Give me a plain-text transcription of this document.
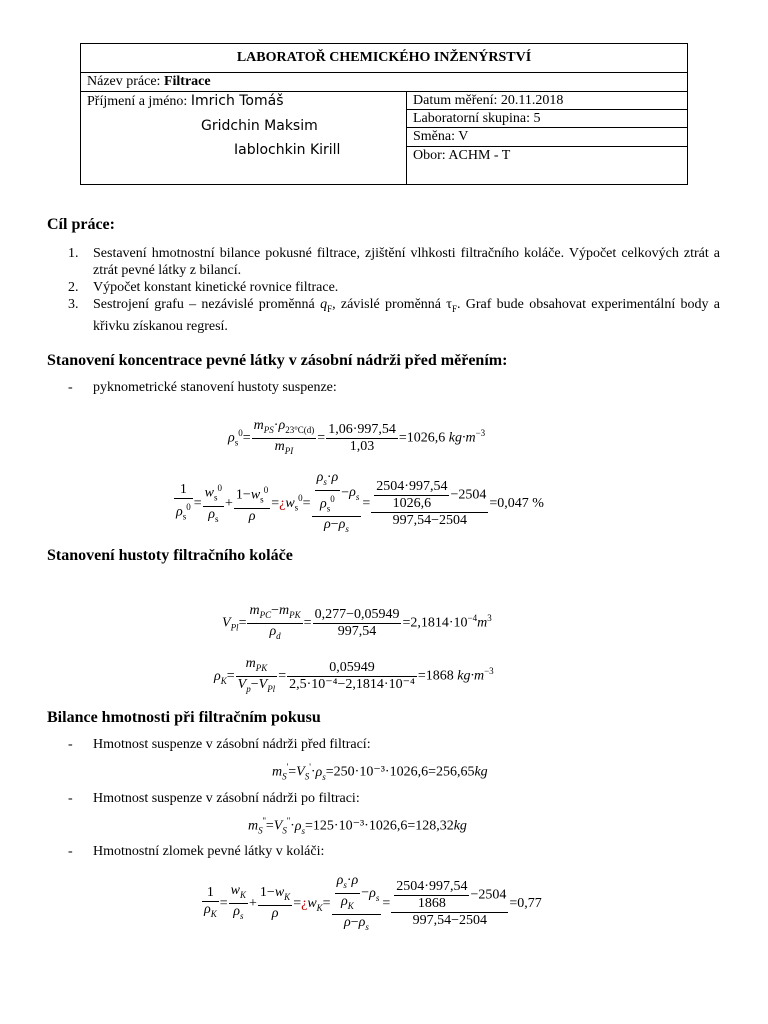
LABORATOŘ CHEMICKÉHO INŽENÝRSTVÍ
Název práce: Filtrace

Příjmení a jméno: Imrich Tomáš
Gridchin Maksim
Iablochkin Kirill
	Datum měření: 20.11.2018
Laboratorní skupina: 5
Směna: V
Obor: ACHM - T
Cíl práce:
1. Sestavení hmotnostní bilance pokusné filtrace, zjištění vlhkosti filtračního koláče. Výpočet celkových ztrát a ztrát pevné látky z bilancí.
2. Výpočet konstant kinetické rovnice filtrace.
3. Sestrojení grafu – nezávislé proměnná $q_F$, závislé proměnná $\tau_F$. Graf bude obsahovat experimentální body a křivku získanou regresí.
Stanovení koncentrace pevné látky v zásobní nádrži před měřením:
- pyknometrické stanovení hustoty suspenze:
$\rho_s^0= \frac{m_{PS}\cdot\rho_{23^\circ C(d)}}{m_{PI}} = \frac{1,06\cdot 997,54}{1,03} =1026,6$ $kg\cdot m^{-3}$
$\frac{1}{\rho_s^0} = \frac{w_s^0}{\rho_s} + \frac{1-w_s^0}{\rho}$ $=¿w_s^0= \frac{\frac{\rho_s\cdot\rho}{\rho_s^0} -\rho_s}{\rho-\rho_s} = \frac{\frac{2504\cdot 997,54}{1026,6} -2504}{997,54-2504} =0,047$ %
Stanovení hustoty filtračního koláče
$V_{Pl}= \frac{m_{PC}-m_{PK}}{\rho_d} = \frac{0,277-0,05949}{997,54} =2,1814\cdot 10^{-4}m^3$
$\rho_K= \frac{m_{PK}}{V_p-V_{Pl}} = \frac{0,05949}{\text{2,5·10⁻⁴−2,1814·10⁻⁴}} =1868$ $kg\cdot m^{-3}$
Bilance hmotnosti při filtračním pokusu
- Hmotnost suspenze v zásobní nádrži před filtrací:
$m_S'=V_S'\cdot\rho_s=250\cdot 10^{-3}\cdot 1026,6=256,65kg$
- Hmotnost suspenze v zásobní nádrži po filtraci:
$m_S''=V_S''\cdot\rho_s=125\cdot 10^{-3}\cdot 1026,6=128,32kg$
- Hmotnostní zlomek pevné látky v koláči:
$\frac{1}{\rho_K} = \frac{w_K}{\rho_s} + \frac{1-w_K}{\rho}$ $=¿w_K= \frac{\frac{\rho_s\cdot\rho}{\rho_K} -\rho_s}{\rho-\rho_s} = \frac{\frac{2504\cdot 997,54}{1868} -2504}{997,54-2504} =0,77$
